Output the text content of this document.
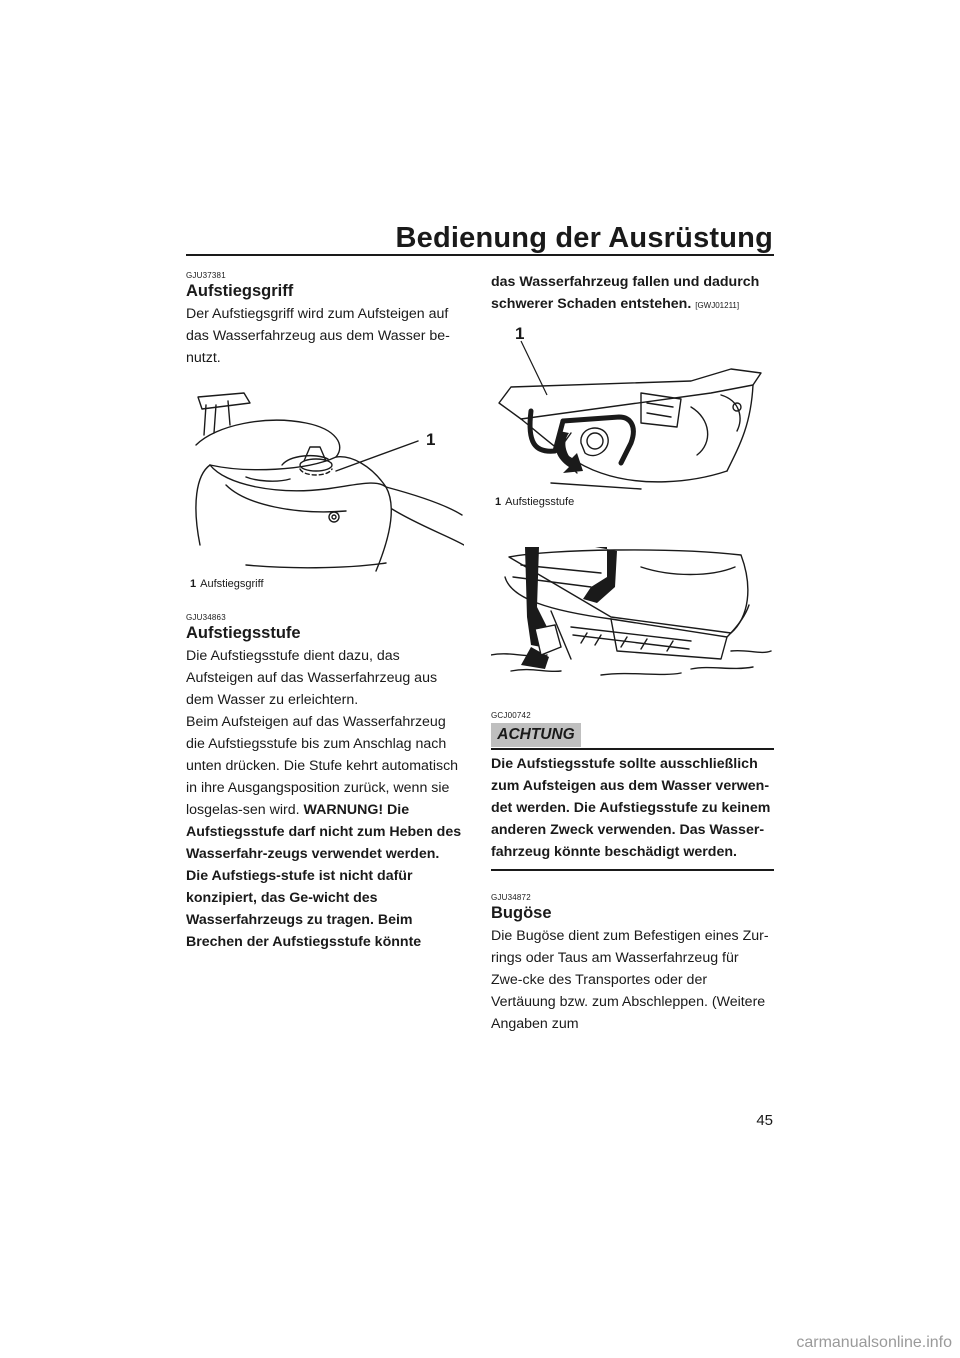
Bedienung der Ausrüstung
GJU37381
Aufstiegsgriff

Der Aufstiegsgriff wird zum Aufsteigen auf das Wasserfahrzeug aus dem Wasser be-nutzt.

1
1 Aufstiegsgriff
GJU34863
Aufstiegsstufe

Die Aufstiegsstufe dient dazu, das Aufsteigen auf das Wasserfahrzeug aus dem Wasser zu erleichtern.

Beim Aufsteigen auf das Wasserfahrzeug die Aufstiegsstufe bis zum Anschlag nach unten drücken. Die Stufe kehrt automatisch in ihre Ausgangsposition zurück, wenn sie losgelas-sen wird. WARNUNG! Die Aufstiegsstufe darf nicht zum Heben des Wasserfahr-zeugs verwendet werden. Die Aufstiegs-stufe ist nicht dafür konzipiert, das Ge-wicht des Wasserfahrzeugs zu tragen. Beim Brechen der Aufstiegsstufe könnte

das Wasserfahrzeug fallen und dadurch schwerer Schaden entstehen. [GWJ01211]

1
1 Aufstiegsstufe
GCJ00742
ACHTUNG

Die Aufstiegsstufe sollte ausschließlich zum Aufsteigen aus dem Wasser verwen-det werden. Die Aufstiegsstufe zu keinem anderen Zweck verwenden. Das Wasser-fahrzeug könnte beschädigt werden.

GJU34872
Bugöse

Die Bugöse dient zum Befestigen eines Zur-rings oder Taus am Wasserfahrzeug für Zwe-cke des Transportes oder der Vertäuung bzw. zum Abschleppen. (Weitere Angaben zum

45
carmanualsonline.info
